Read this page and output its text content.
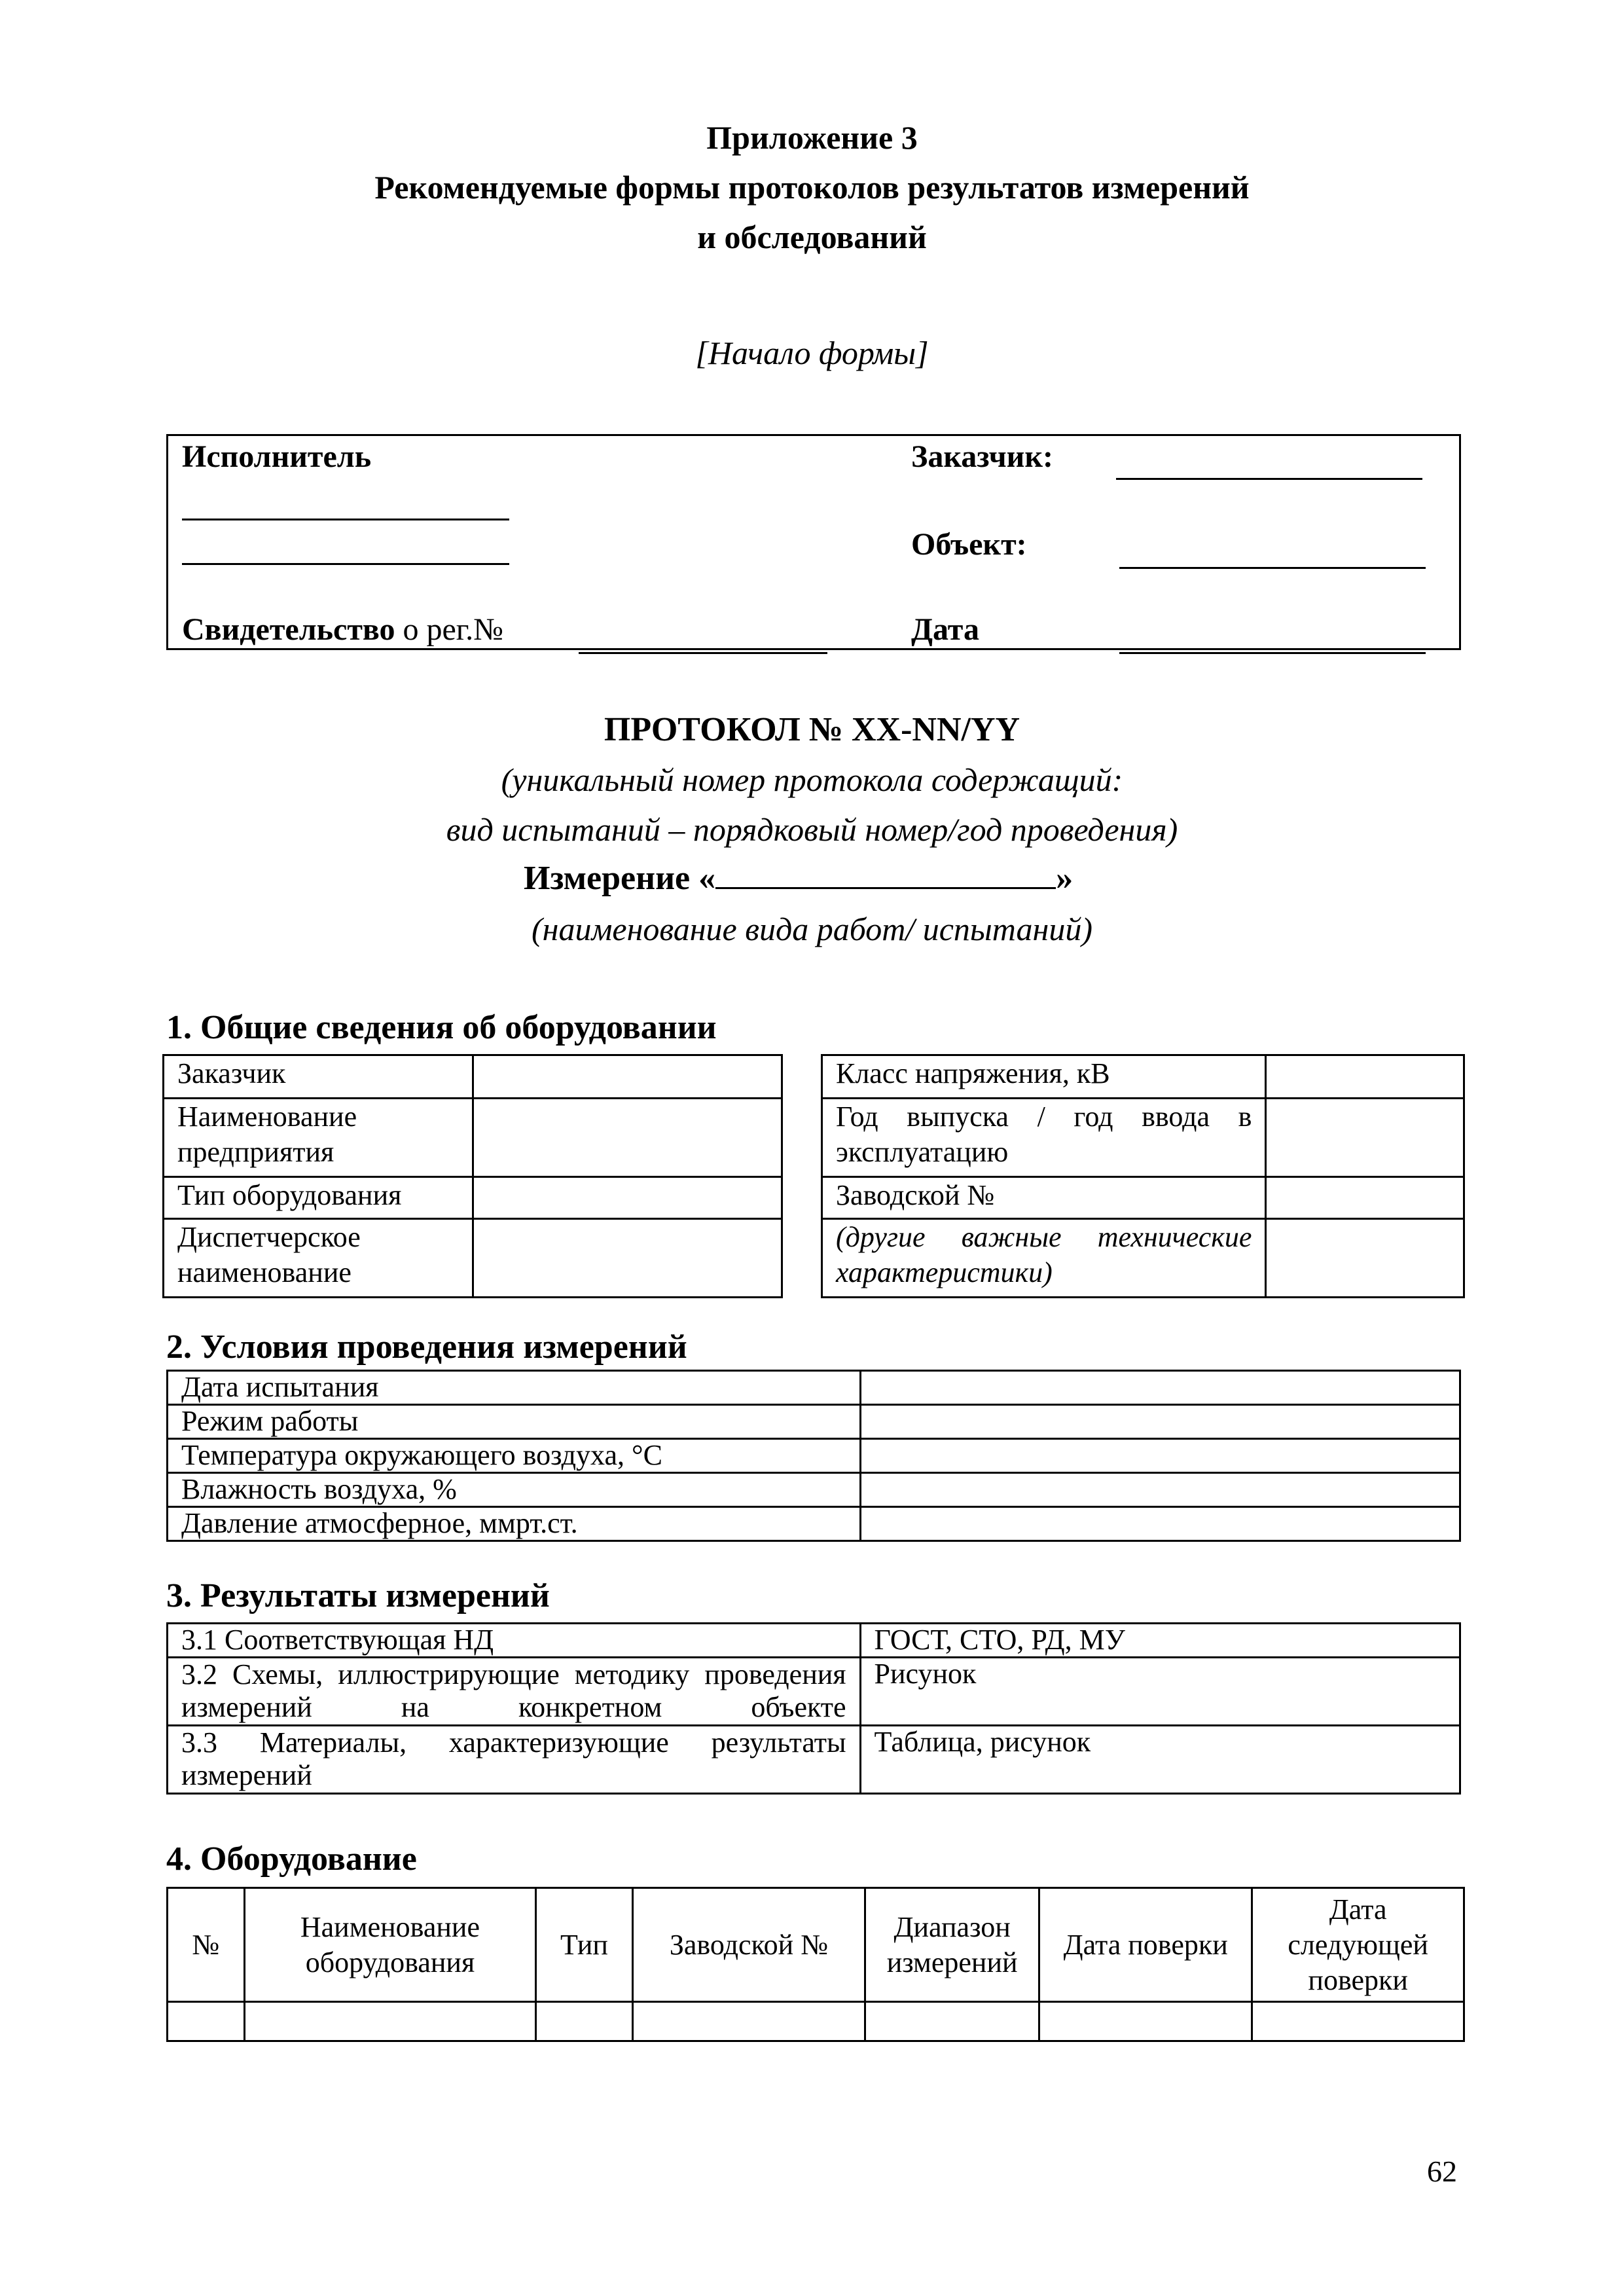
Приложение 3
Рекомендуемые формы протоколов результатов измерений
и обследований
[Начало формы]
Исполнитель
Свидетельство о рег.№
Заказчик:
Объект:
Дата
ПРОТОКОЛ № XX-NN/YY
(уникальный номер протокола содержащий:
вид испытаний – порядковый номер/год проведения)
Измерение «	»
(наименование вида работ/ испытаний)
1. Общие сведения об оборудовании
Заказчик	
Наименование предприятия	
Тип оборудования	
Диспетчерское наименование	
Класс напряжения, кВ	
Год выпуска / год ввода в эксплуатацию	
Заводской №	
(другие важные технические характеристики)	
2. Условия проведения измерений
Дата испытания	
Режим работы	
Температура окружающего воздуха, °С	
Влажность воздуха, %	
Давление атмосферное, ммрт.ст.	
3. Результаты измерений
3.1 Соответствующая НД	ГОСТ, СТО, РД, МУ
3.2 Схемы, иллюстрирующие методику проведения измерений на конкретном объекте	Рисунок
3.3 Материалы, характеризующие результаты измерений	Таблица, рисунок
4. Оборудование
№	Наименование оборудования	Тип	Заводской №	Диапазон измерений	Дата поверки	Дата следующей поверки

62
